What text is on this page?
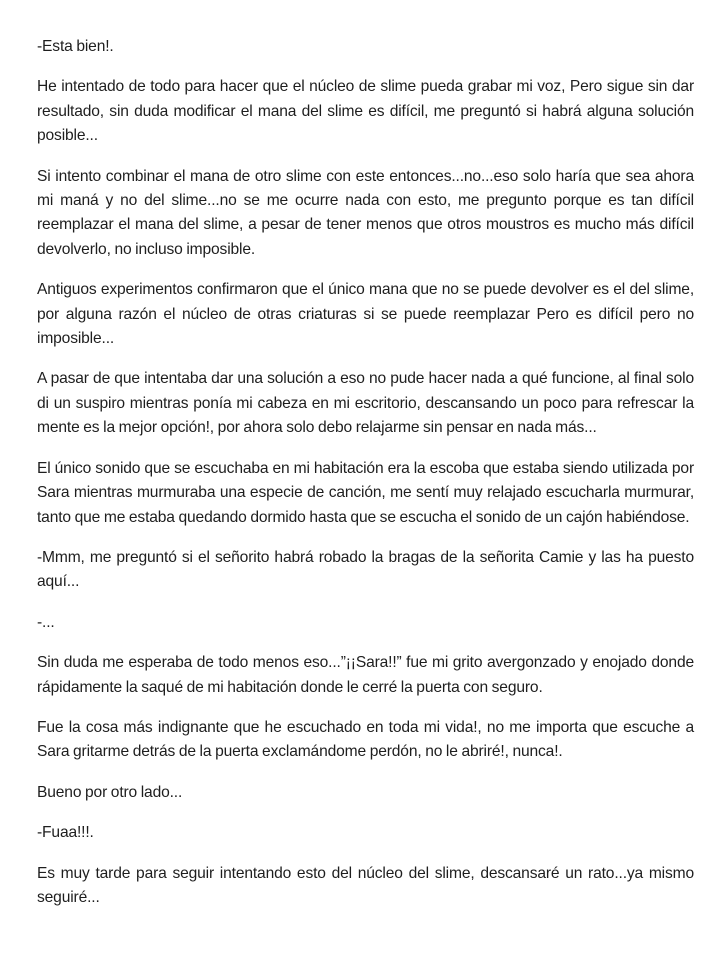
-Esta bien!.

He intentado de todo para hacer que el núcleo de slime pueda grabar mi voz, Pero sigue sin dar resultado, sin duda modificar el mana del slime es difícil, me preguntó si habrá alguna solución posible...

Si intento combinar el mana de otro slime con este entonces...no...eso solo haría que sea ahora mi maná y no del slime...no se me ocurre nada con esto, me pregunto porque es tan difícil reemplazar el mana del slime, a pesar de tener menos que otros moustros es mucho más difícil devolverlo, no incluso imposible.

Antiguos experimentos confirmaron que el único mana que no se puede devolver es el del slime, por alguna razón el núcleo de otras criaturas si se puede reemplazar Pero es difícil pero no imposible...

A pasar de que intentaba dar una solución a eso no pude hacer nada a qué funcione, al final solo di un suspiro mientras ponía mi cabeza en mi escritorio, descansando un poco para refrescar la mente es la mejor opción!, por ahora solo debo relajarme sin pensar en nada más...

El único sonido que se escuchaba en mi habitación era la escoba que estaba siendo utilizada por Sara mientras murmuraba una especie de canción, me sentí muy relajado escucharla murmurar, tanto que me estaba quedando dormido hasta que se escucha el sonido de un cajón habiéndose.

-Mmm, me preguntó si el señorito habrá robado la bragas de la señorita Camie y las ha puesto aquí...

-...

Sin duda me esperaba de todo menos eso...”¡¡Sara!!” fue mi grito avergonzado y enojado donde rápidamente la saqué de mi habitación donde le cerré la puerta con seguro.

Fue la cosa más indignante que he escuchado en toda mi vida!, no me importa que escuche a Sara gritarme detrás de la puerta exclamándome perdón, no le abriré!, nunca!.

Bueno por otro lado...

-Fuaa!!!.

Es muy tarde para seguir intentando esto del núcleo del slime, descansaré un rato...ya mismo seguiré...
